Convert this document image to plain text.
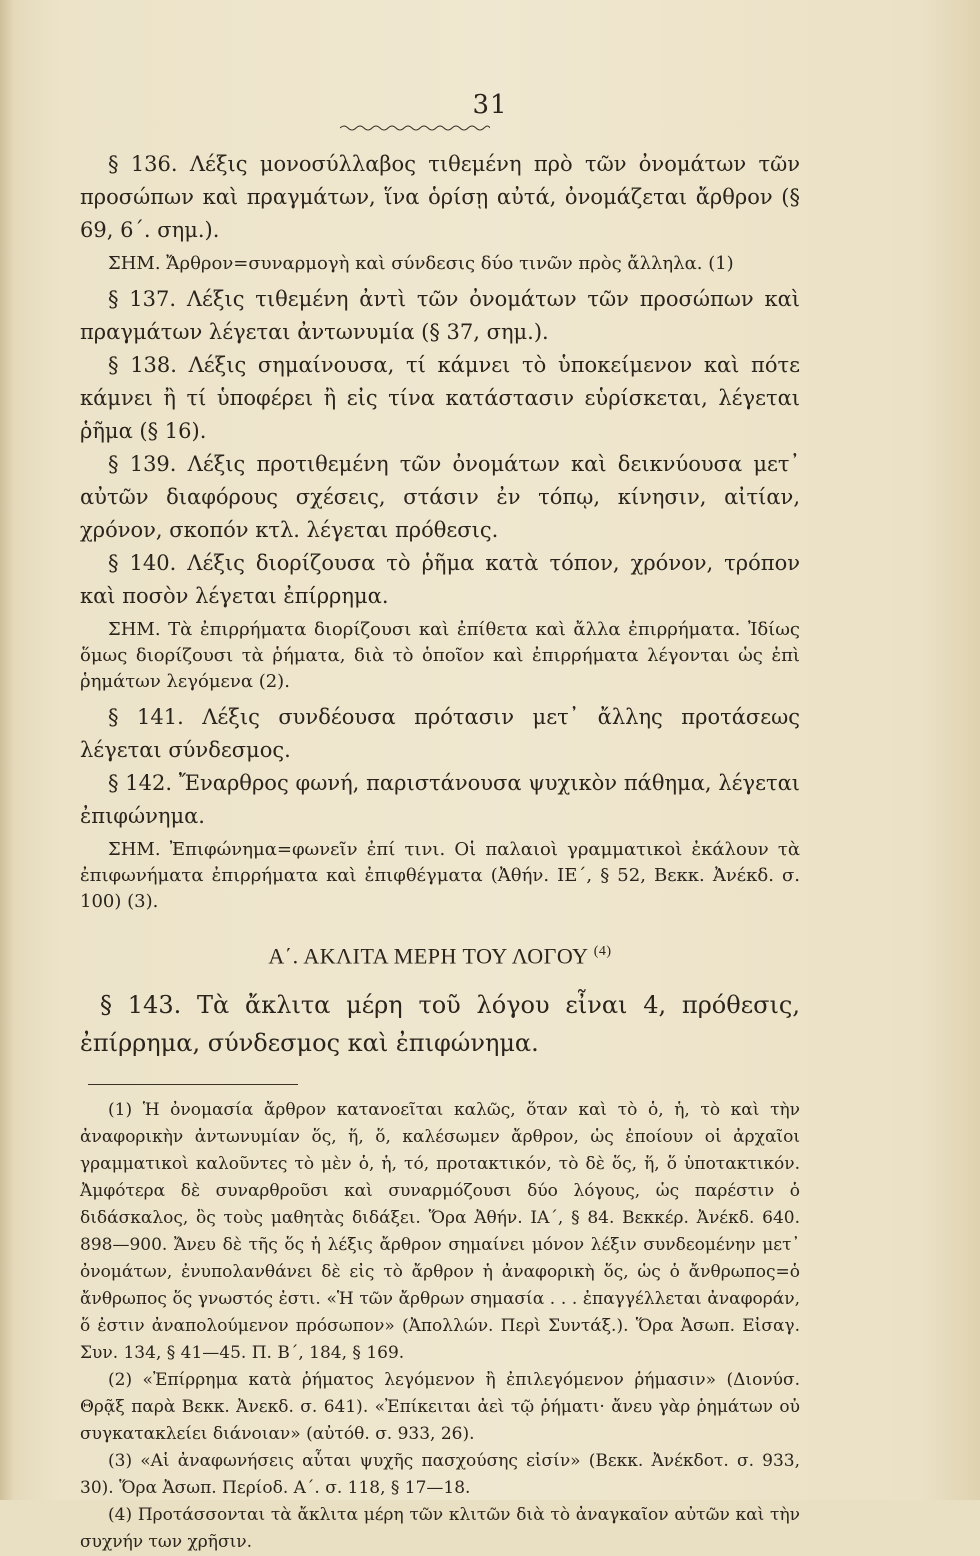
31

§ 136. Λέξις μονοσύλλαβος τιθεμένη πρὸ τῶν ὀνομάτων τῶν προσώπων καὶ πραγμάτων, ἵνα ὁρίσῃ αὐτά, ὀνομάζεται ἄρθρον (§ 69, 6΄. σημ.).

ΣΗΜ. Ἄρθρον=συναρμογὴ καὶ σύνδεσις δύο τινῶν πρὸς ἄλληλα. (1)

§ 137. Λέξις τιθεμένη ἀντὶ τῶν ὀνομάτων τῶν προσώπων καὶ πραγμάτων λέγεται ἀντωνυμία (§ 37, σημ.).

§ 138. Λέξις σημαίνουσα, τί κάμνει τὸ ὑποκείμενον καὶ πότε κάμνει ἢ τί ὑποφέρει ἢ εἰς τίνα κατάστασιν εὑρίσκεται, λέγεται ῥῆμα (§ 16).

§ 139. Λέξις προτιθεμένη τῶν ὀνομάτων καὶ δεικνύουσα μετ᾽ αὐτῶν διαφόρους σχέσεις, στάσιν ἐν τόπῳ, κίνησιν, αἰτίαν, χρόνον, σκοπόν κτλ. λέγεται πρόθεσις.

§ 140. Λέξις διορίζουσα τὸ ῥῆμα κατὰ τόπον, χρόνον, τρόπον καὶ ποσὸν λέγεται ἐπίρρημα.

ΣΗΜ. Τὰ ἐπιρρήματα διορίζουσι καὶ ἐπίθετα καὶ ἄλλα ἐπιρρήματα. Ἰδίως ὅμως διορίζουσι τὰ ῥήματα, διὰ τὸ ὁποῖον καὶ ἐπιρρήματα λέγονται ὡς ἐπὶ ῥημάτων λεγόμενα (2).

§ 141. Λέξις συνδέουσα πρότασιν μετ᾽ ἄλλης προτάσεως λέγεται σύνδεσμος.

§ 142. Ἔναρθρος φωνή, παριστάνουσα ψυχικὸν πάθημα, λέγεται ἐπιφώνημα.

ΣΗΜ. Ἐπιφώνημα=φωνεῖν ἐπί τινι. Οἱ παλαιοὶ γραμματικοὶ ἐκάλουν τὰ ἐπιφωνήματα ἐπιρρήματα καὶ ἐπιφθέγματα (Ἀθήν. ΙΕ΄, § 52, Βεκκ. Ἀνέκδ. σ. 100) (3).

Α΄. ΑΚΛΙΤΑ ΜΕΡΗ ΤΟΥ ΛΟΓΟΥ $^{(4)}$

§ 143. Τὰ ἄκλιτα μέρη τοῦ λόγου εἶναι 4, πρόθεσις, ἐπίρρημα, σύνδεσμος καὶ ἐπιφώνημα.

(1) Ἡ ὀνομασία ἄρθρον κατανοεῖται καλῶς, ὅταν καὶ τὸ ὁ, ἡ, τὸ καὶ τὴν ἀναφορικὴν ἀντωνυμίαν ὅς, ἥ, ὅ, καλέσωμεν ἄρθρον, ὡς ἐποίουν οἱ ἀρχαῖοι γραμματικοὶ καλοῦντες τὸ μὲν ὁ, ἡ, τό, προτακτικόν, τὸ δὲ ὅς, ἥ, ὅ ὑποτακτικόν. Ἀμφότερα δὲ συναρθροῦσι καὶ συναρμόζουσι δύο λόγους, ὡς παρέστιν ὁ διδάσκαλος, ὃς τοὺς μαθητὰς διδάξει. Ὅρα Ἀθήν. ΙΑ΄, § 84. Βεκκέρ. Ἀνέκδ. 640. 898—900. Ἄνευ δὲ τῆς ὅς ἡ λέξις ἄρθρον σημαίνει μόνον λέξιν συνδεομένην μετ᾽ ὀνομάτων, ἐνυπολανθάνει δὲ εἰς τὸ ἄρθρον ἡ ἀναφορικὴ ὅς, ὡς ὁ ἄνθρωπος=ὁ ἄνθρωπος ὅς γνωστός ἐστι. «Ἡ τῶν ἄρθρων σημασία . . . ἐπαγγέλλεται ἀναφοράν, ὅ ἐστιν ἀναπολούμενον πρόσωπον» (Ἀπολλών. Περὶ Συντάξ.). Ὅρα Ἀσωπ. Εἰσαγ. Συν. 134, § 41—45. Π. Β΄, 184, § 169.

(2) «Ἐπίρρημα κατὰ ῥήματος λεγόμενον ἢ ἐπιλεγόμενον ῥήμασιν» (Διονύσ. Θρᾷξ παρὰ Βεκκ. Ἀνεκδ. σ. 641). «Ἐπίκειται ἀεὶ τῷ ῥήματι· ἄνευ γὰρ ῥημάτων οὐ συγκατακλείει διάνοιαν» (αὐτόθ. σ. 933, 26).

(3) «Αἱ ἀναφωνήσεις αὗται ψυχῆς πασχούσης εἰσίν» (Βεκκ. Ἀνέκδοτ. σ. 933, 30). Ὅρα Ἀσωπ. Περίοδ. Α΄. σ. 118, § 17—18.

(4) Προτάσσονται τὰ ἄκλιτα μέρη τῶν κλιτῶν διὰ τὸ ἀναγκαῖον αὐτῶν καὶ τὴν συχνήν των χρῆσιν.
